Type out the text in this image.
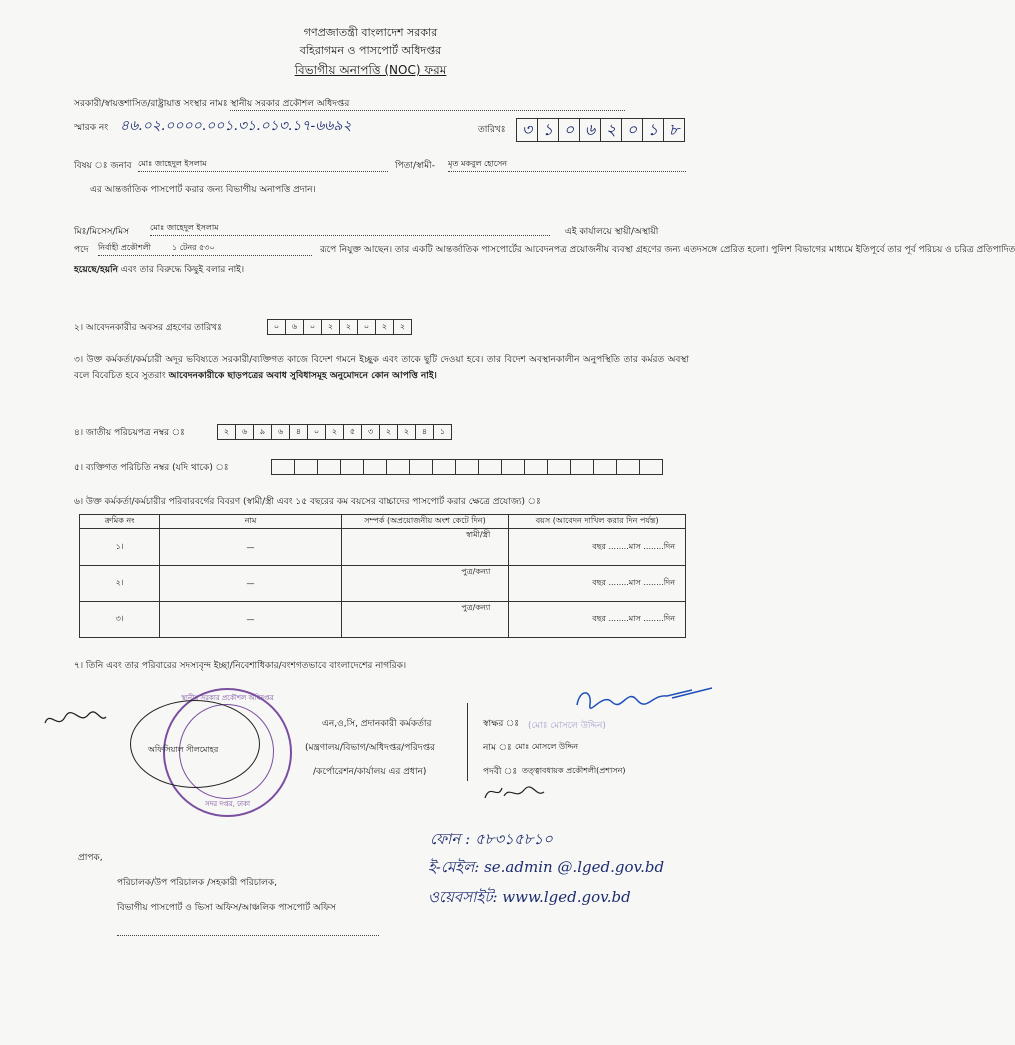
গণপ্রজাতন্ত্রী বাংলাদেশ সরকার
বহিরাগমন ও পাসপোর্ট অধিদপ্তর
বিভাগীয় অনাপত্তি (NOC) ফরম
সরকারী/স্বায়ত্তশাসিত/রাষ্ট্রায়াত্ত সংস্থার নামঃ স্থানীয় সরকার প্রকৌশল অধিদপ্তর
স্মারক নং ৪৬.০২.০০০০.০০১.৩১.০১৩.১৭-৬৬৯২	তারিখঃ	৩ ১ ০ ৬ ২ ০ ১ ৮
বিষয় ঃ জনাব মোঃ জাহেদুল ইসলাম	পিতা/স্বামী- মৃত মকবুল হোসেন
এর আন্তর্জাতিক পাসপোর্ট করার জন্য বিভাগীয় অনাপত্তি প্রদান।
মিঃ/মিসেস/মিস	মোঃ জাহেদুল ইসলাম	এই কার্যালয়ে স্থায়ী/অস্থায়ী
পদে নির্বাহী প্রকৌশলী	১ টেনর ৫৩০	রূপে নিযুক্ত আছেন। তার একটি আন্তর্জাতিক পাসপোর্টের আবেদনপত্র প্রয়োজনীয় ব্যবস্থা গ্রহণের জন্য এতদসঙ্গে প্রেরিত হলো। পুলিশ বিভাগের মাধ্যমে ইতিপূর্বে তার পূর্ব পরিচয় ও চরিত্র প্রতিপাদিত
হয়েছে/হয়নি এবং তার বিরুদ্ধে কিছুই বলার নাই।
২। আবেদনকারীর অবসর গ্রহণের তারিখঃ	০	৬	০	২	২	০	২	২
৩। উক্ত কর্মকর্তা/কর্মচারী অদূর ভবিষ্যতে সরকারী/ব্যক্তিগত কাজে বিদেশ গমনে ইচ্ছুক এবং তাকে ছুটি দেওয়া হবে। তার বিদেশ অবস্থানকালীন অনুপস্থিতি তার কর্মরত অবস্থা বলে বিবেচিত হবে সুতরাং আবেদনকারীকে ছাড়পত্রের অবাধ সুবিধাসমূহ অনুমোদনে কোন আপত্তি নাই।
৪। জাতীয় পরিচয়পত্র নম্বর ঃ	২	৬	৯	৬	৪	০	২	৫	৩	২	২	৪	১
৫। ব্যক্তিগত পরিচিতি নম্বর (যদি থাকে) ঃ
৬। উক্ত কর্মকর্তা/কর্মচারীর পরিবারবর্গের বিবরণ (স্বামী/স্ত্রী এবং ১৫ বছরের কম বয়সের বাচ্চাদের পাসপোর্ট করার ক্ষেত্রে প্রযোজ্য) ঃ
ক্রমিক নং	নাম	সম্পর্ক (অপ্রয়োজনীয় অংশ কেটে দিন)	বয়স (আবেদন দাখিল করার দিন পর্যন্ত)
১।	—	স্বামী/স্ত্রী	বছর ........মাস ........দিন
২।	—	পুত্র/কন্যা	বছর ........মাস ........দিন
৩।	—	পুত্র/কন্যা	বছর ........মাস ........দিন
৭। তিনি এবং তার পরিবারের সদস্যবৃন্দ ইচ্ছা/নিবেশাধিকার/বংশগতভাবে বাংলাদেশের নাগরিক।
স্থানীয় সরকার প্রকৌশল অধিদপ্তর
সদর দপ্তর, ঢাকা
অফিসিয়াল সীলমোহর
এন,ও,সি, প্রদানকারী কর্মকর্তার
(মন্ত্রণালয়/বিভাগ/অধিদপ্তর/পরিদপ্তর
/কর্পোরেশন/কার্যালয় এর প্রধান)
স্বাক্ষর ঃ
নাম ঃ মোঃ মোসলে উদ্দিন
পদবী ঃ তত্ত্বাবধায়ক প্রকৌশলী(প্রশাসন)
(মোঃ মোসলে উদ্দিন)
ফোন : ৫৮৩১৫৮১০
ই-মেইল: se.admin @.lged.gov.bd
ওয়েবসাইট: www.lged.gov.bd
প্রাপক,
পরিচালক/উপ পরিচালক /সহকারী পরিচালক,
বিভাগীয় পাসপোর্ট ও ভিসা অফিস/আঞ্চলিক পাসপোর্ট অফিস
